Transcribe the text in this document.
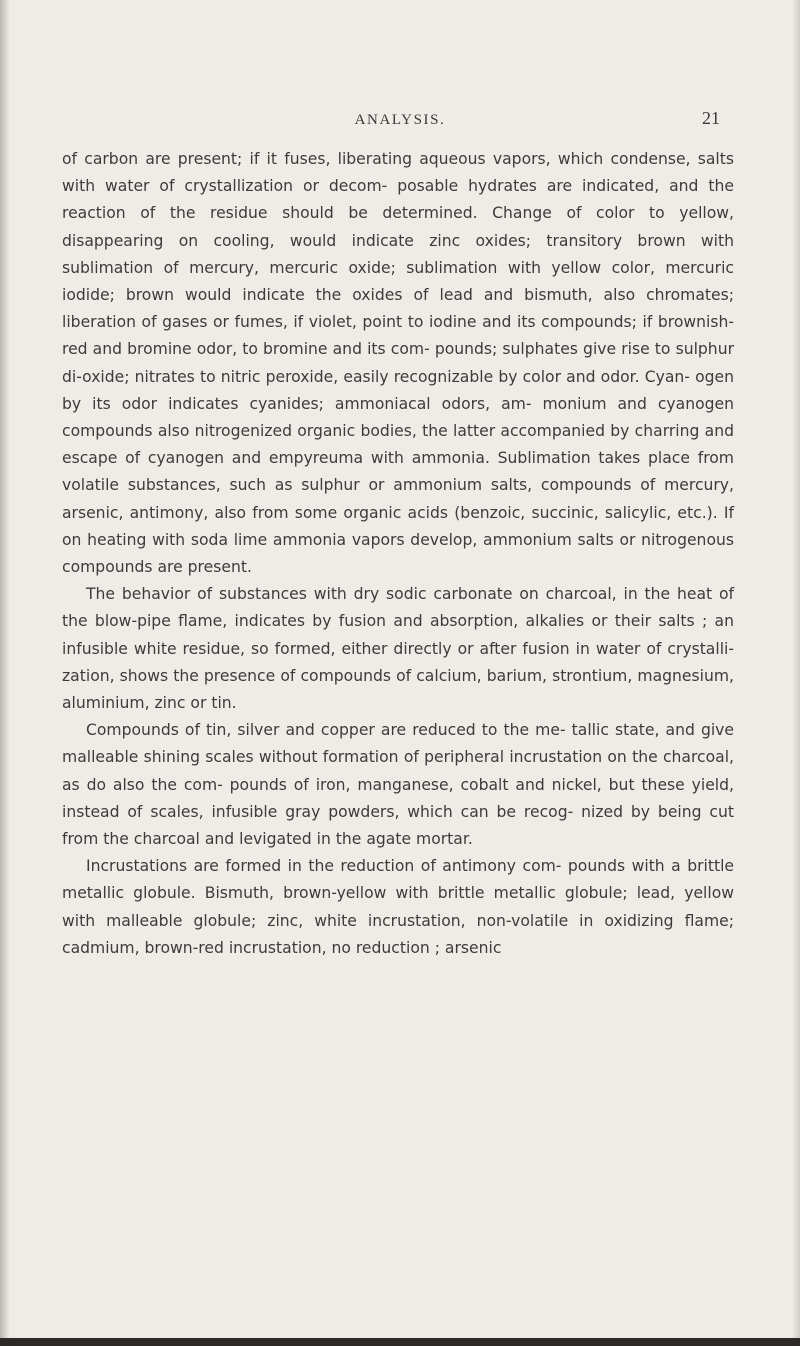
ANALYSIS.	21

of carbon are present; if it fuses, liberating aqueous vapors, which condense, salts with water of crystallization or decom- posable hydrates are indicated, and the reaction of the residue should be determined. Change of color to yellow, disappearing on cooling, would indicate zinc oxides; transitory brown with sublimation of mercury, mercuric oxide; sublimation with yellow color, mercuric iodide; brown would indicate the oxides of lead and bismuth, also chromates; liberation of gases or fumes, if violet, point to iodine and its compounds; if brownish-red and bromine odor, to bromine and its com- pounds; sulphates give rise to sulphur di-oxide; nitrates to nitric peroxide, easily recognizable by color and odor. Cyan- ogen by its odor indicates cyanides; ammoniacal odors, am- monium and cyanogen compounds also nitrogenized organic bodies, the latter accompanied by charring and escape of cyanogen and empyreuma with ammonia. Sublimation takes place from volatile substances, such as sulphur or ammonium salts, compounds of mercury, arsenic, antimony, also from some organic acids (benzoic, succinic, salicylic, etc.). If on heating with soda lime ammonia vapors develop, ammonium salts or nitrogenous compounds are present.

The behavior of substances with dry sodic carbonate on charcoal, in the heat of the blow-pipe flame, indicates by fusion and absorption, alkalies or their salts ; an infusible white residue, so formed, either directly or after fusion in water of crystalli- zation, shows the presence of compounds of calcium, barium, strontium, magnesium, aluminium, zinc or tin.

Compounds of tin, silver and copper are reduced to the me- tallic state, and give malleable shining scales without formation of peripheral incrustation on the charcoal, as do also the com- pounds of iron, manganese, cobalt and nickel, but these yield, instead of scales, infusible gray powders, which can be recog- nized by being cut from the charcoal and levigated in the agate mortar.

Incrustations are formed in the reduction of antimony com- pounds with a brittle metallic globule. Bismuth, brown-yellow with brittle metallic globule; lead, yellow with malleable globule; zinc, white incrustation, non-volatile in oxidizing flame; cadmium, brown-red incrustation, no reduction ; arsenic
